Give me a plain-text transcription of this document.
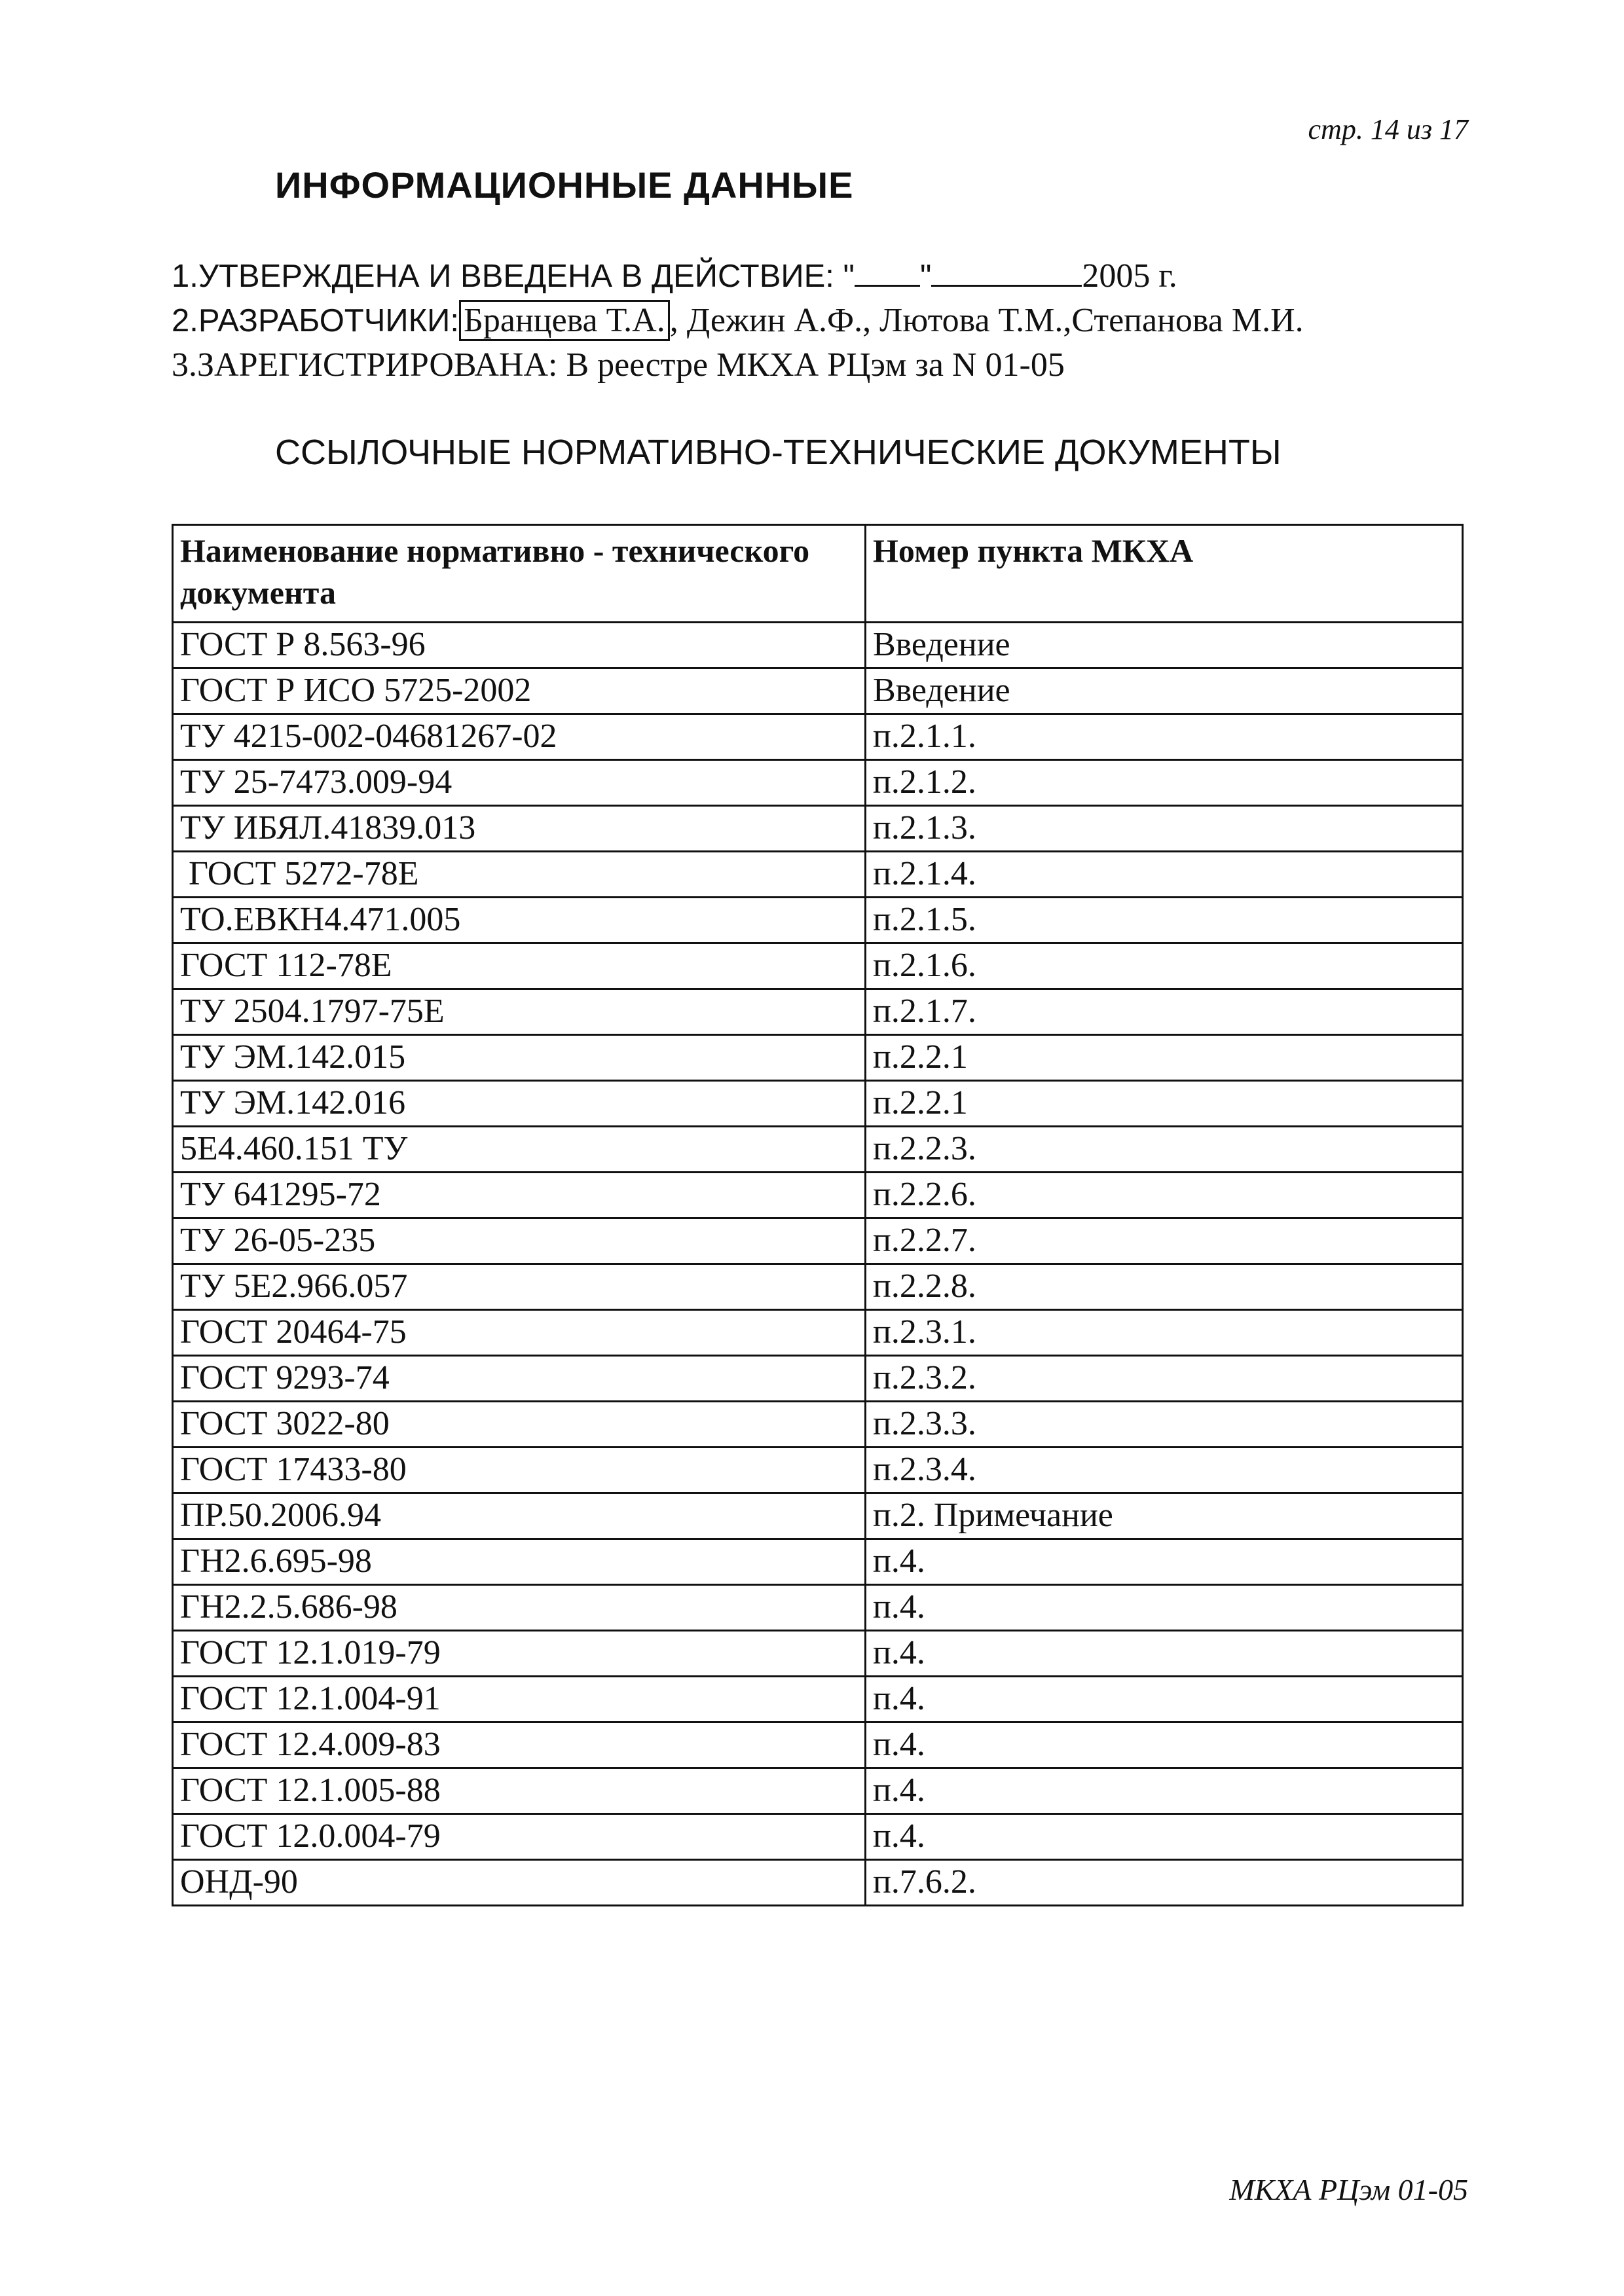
стр. 14 из 17
ИНФОРМАЦИОННЫЕ ДАННЫЕ
1.УТВЕРЖДЕНА И ВВЕДЕНА В ДЕЙСТВИЕ: " "	2005 г.
2.РАЗРАБОТЧИКИ: Бранцева Т.А. , Дежин А.Ф., Лютова Т.М.,Степанова М.И.
3.ЗАРЕГИСТРИРОВАНА: В реестре МКХА РЦэм за N 01-05
ССЫЛОЧНЫЕ НОРМАТИВНО-ТЕХНИЧЕСКИЕ ДОКУМЕНТЫ
Наименование нормативно - технического документа	Номер пункта МКХА
ГОСТ Р 8.563-96	Введение
ГОСТ Р ИСО 5725-2002	Введение
ТУ 4215-002-04681267-02	п.2.1.1.
ТУ 25-7473.009-94	п.2.1.2.
ТУ ИБЯЛ.41839.013	п.2.1.3.
ГОСТ 5272-78Е	п.2.1.4.
ТО.ЕВКН4.471.005	п.2.1.5.
ГОСТ 112-78Е	п.2.1.6.
ТУ 2504.1797-75Е	п.2.1.7.
ТУ ЭМ.142.015	п.2.2.1
ТУ ЭМ.142.016	п.2.2.1
5Е4.460.151 ТУ	п.2.2.3.
ТУ 641295-72	п.2.2.6.
ТУ 26-05-235	п.2.2.7.
ТУ 5Е2.966.057	п.2.2.8.
ГОСТ 20464-75	п.2.3.1.
ГОСТ 9293-74	п.2.3.2.
ГОСТ 3022-80	п.2.3.3.
ГОСТ 17433-80	п.2.3.4.
ПР.50.2006.94	п.2. Примечание
ГН2.6.695-98	п.4.
ГН2.2.5.686-98	п.4.
ГОСТ 12.1.019-79	п.4.
ГОСТ 12.1.004-91	п.4.
ГОСТ 12.4.009-83	п.4.
ГОСТ 12.1.005-88	п.4.
ГОСТ 12.0.004-79	п.4.
ОНД-90	п.7.6.2.
МКХА РЦэм 01-05
